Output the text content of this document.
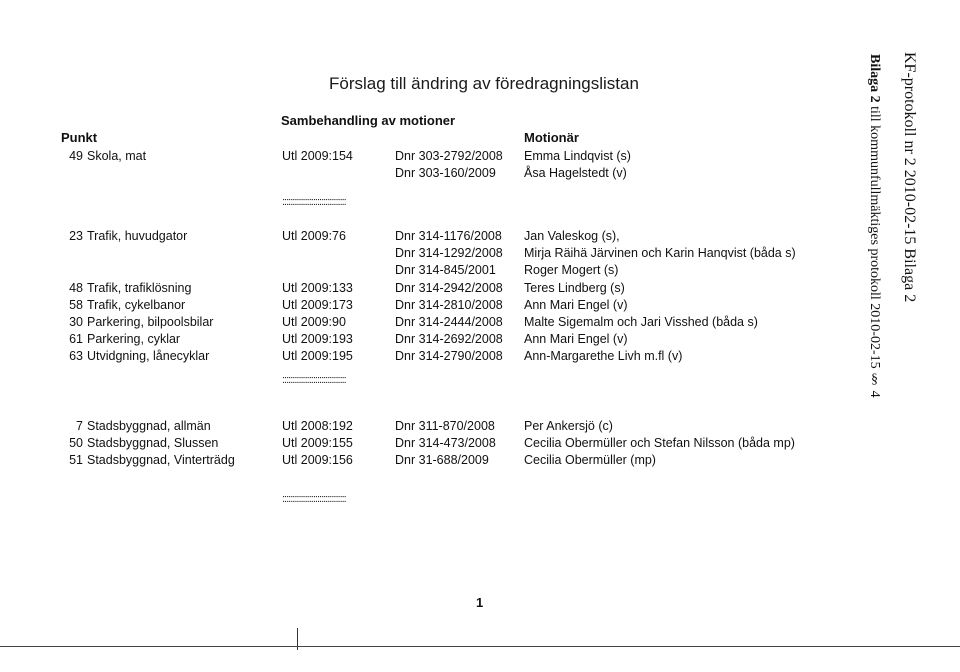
Förslag till ändring av föredragningslistan
Sambehandling av motioner
Punkt	Motionär
49 Skola, mat	Utl 2009:154	Dnr 303-2792/2008 Emma Lindqvist (s)
Dnr 303-160/2009 Åsa Hagelstedt (v)
23 Trafik, huvudgator	Utl 2009:76	Dnr 314-1176/2008 Jan Valeskog (s),
Dnr 314-1292/2008 Mirja Räihä Järvinen och Karin Hanqvist (båda s)
Dnr 314-845/2001 Roger Mogert (s)
48 Trafik, trafiklösning	Utl 2009:133	Dnr 314-2942/2008 Teres Lindberg (s)
58 Trafik, cykelbanor	Utl 2009:173	Dnr 314-2810/2008 Ann Mari Engel (v)
30 Parkering, bilpoolsbilar	Utl 2009:90	Dnr 314-2444/2008 Malte Sigemalm och Jari Visshed (båda s)
61 Parkering, cyklar	Utl 2009:193	Dnr 314-2692/2008 Ann Mari Engel (v)
63 Utvidgning, lånecyklar	Utl 2009:195	Dnr 314-2790/2008 Ann-Margarethe Livh m.fl (v)
7 Stadsbyggnad, allmän	Utl 2008:192	Dnr 311-870/2008 Per Ankersjö (c)
50 Stadsbyggnad, Slussen	Utl 2009:155	Dnr 314-473/2008 Cecilia Obermüller och Stefan Nilsson (båda mp)
51 Stadsbyggnad, Vinterträdg	Utl 2009:156	Dnr 31-688/2009	Cecilia Obermüller (mp)
:::::::::::::::::::::::::::::::
:::::::::::::::::::::::::::::::
:::::::::::::::::::::::::::::::
KF-protokoll nr 2 2010-02-15 Bilaga 2
Bilaga 2 till kommunfullmäktiges protokoll 2010-02-15 § 4
1
